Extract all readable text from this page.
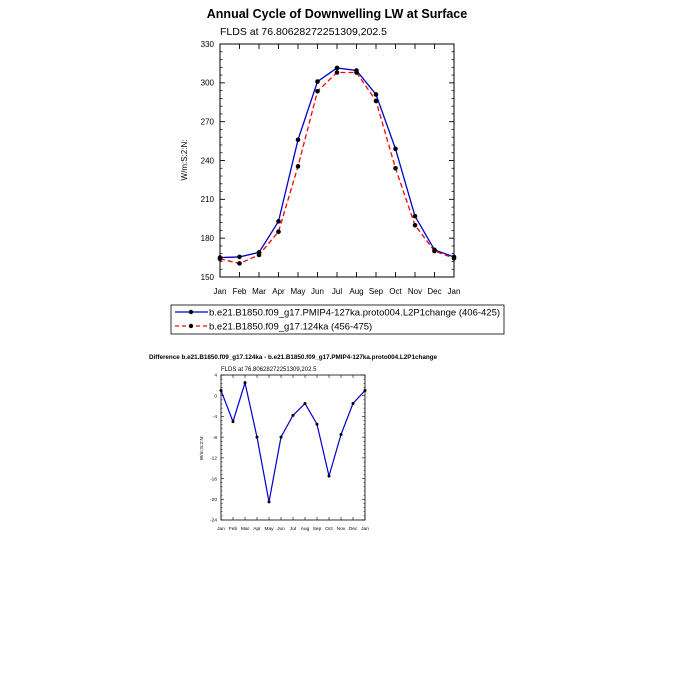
Annual Cycle of Downwelling LW at Surface
FLDS at 76.80628272251309,202.5
W/m:S:2:N:
150
180
210
240
270
300
330
Jan Feb Mar Apr May Jun Jul Aug Sep Oct Nov Dec Jan
b.e21.B1850.f09_g17.PMIP4-127ka.proto004.L2P1change (406-425)
b.e21.B1850.f09_g17.124ka (456-475)
Difference b.e21.B1850.f09_g17.124ka - b.e21.B1850.f09_g17.PMIP4-127ka.proto004.L2P1change
FLDS at 76.80628272251309,202.5
W/m:S:2:N:
-24
-20
-16
-12
-8
-4
0
4
Jan Feb Mar Apr May Jun Jul Aug Sep Oct Nov Dec Jan
